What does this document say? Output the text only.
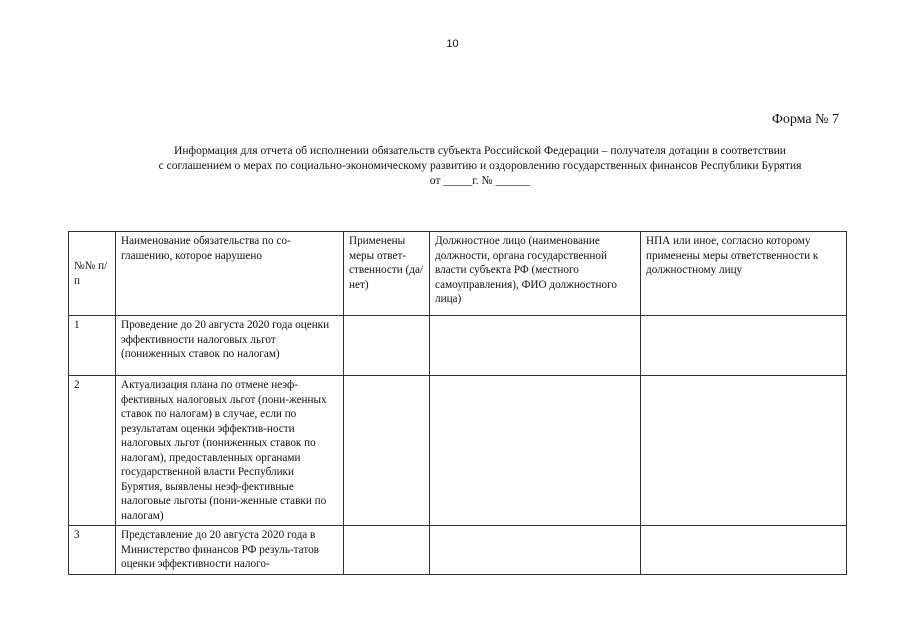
10
Форма № 7
Информация для отчета об исполнении обязательств субъекта Российской Федерации – получателя дотации в соответствии
с соглашением о мерах по социально-экономическому развитию и оздоровлению государственных финансов Республики Бурятия
от _____г. № ______
№№ п/п	Наименование обязательства по со-глашению, которое нарушено	Применены меры ответ-ственности (да/нет)	Должностное лицо (наименование должности, органа государственной власти субъекта РФ (местного самоуправления), ФИО должностного лица)	НПА или иное, согласно которому применены меры ответственности к должностному лицу
1	Проведение до 20 августа 2020 года оценки эффективности налоговых льгот (пониженных ставок по налогам)			
2	Актуализация плана по отмене неэф-фективных налоговых льгот (пони-женных ставок по налогам) в случае, если по результатам оценки эффектив-ности налоговых льгот (пониженных ставок по налогам), предоставленных органами государственной власти Республики Бурятия, выявлены неэф-фективные налоговые льготы (пони-женные ставки по налогам)			
3	Представление до 20 августа 2020 года в Министерство финансов РФ резуль-татов оценки эффективности налого-			
